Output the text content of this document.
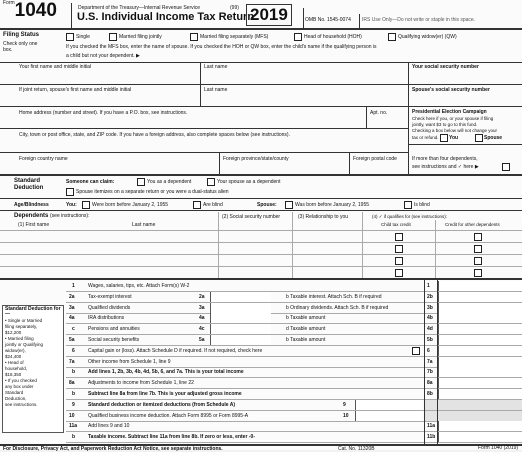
$^{Form}$1040	Department of the Treasury—Internal Revenue Service	(99)
U.S. Individual Income Tax Return
2019	OMB No. 1545-0074 IRS Use Only—Do not write or staple in this space.
Filing Status
Check only one box.
Single	Married filing jointly	Married filing separately (MFS)	Head of household (HOH)	Qualifying widow(er) (QW)
If you checked the MFS box, enter the name of spouse. If you checked the HOH or QW box, enter the child's name if the qualifying person is
a child but not your dependent. ▶
Your first name and middle initial	Last name	Your social security number
If joint return, spouse's first name and middle initial	Last name	Spouse's social security number
Home address (number and street). If you have a P.O. box, see instructions.	Apt. no.
City, town or post office, state, and ZIP code. If you have a foreign address, also complete spaces below (see instructions).
Foreign country name	Foreign province/state/county	Foreign postal code
Presidential Election Campaign
Check here if you, or your spouse if filing
jointly, want $3 to go to this fund.
Checking a box below will not change your
tax or refund. You	Spouse
If more than four dependents,
see instructions and ✓ here ▶
Standard
Deduction
Someone can claim:	You as a dependent	Your spouse as a dependent
Spouse itemizes on a separate return or you were a dual-status alien
Age/Blindness	You:	Were born before January 2, 1955	Are blind	Spouse:	Was born before January 2, 1955	Is blind
Dependents (see instructions):
(1) First name	Last name
(2) Social security number	(3) Relationship to you	(4) ✓ if qualifies for (see instructions):
Child tax credit	Credit for other dependents
Standard Deduction for—
• Single or Married
filing separately,
$12,200
• Married filing
jointly or Qualifying
widow(er),
$24,400
• Head of
household,
$18,350
• If you checked
any box under
Standard
Deduction,
see instructions.
1	Wages, salaries, tips, etc. Attach Form(s) W-2	1
2a	Tax-exempt interest	2a	b Taxable interest. Attach Sch. B if required	2b
3a	Qualified dividends	3a	b Ordinary dividends. Attach Sch. B if required	3b
4a	IRA distributions	4a	b Taxable amount	4b
c	Pensions and annuities	4c	d Taxable amount	4d
5a	Social security benefits	5a	b Taxable amount	5b
6	Capital gain or (loss). Attach Schedule D if required. If not required, check here	6
7a	Other income from Schedule 1, line 9	7a
b	Add lines 1, 2b, 3b, 4b, 4d, 5b, 6, and 7a. This is your total income	7b
8a	Adjustments to income from Schedule 1, line 22	8a
b	Subtract line 8a from line 7b. This is your adjusted gross income	8b
9	Standard deduction or itemized deductions (from Schedule A)	9
10	Qualified business income deduction. Attach Form 8995 or Form 8995-A	10
11a Add lines 9 and 10	11a
b	Taxable income. Subtract line 11a from line 8b. If zero or less, enter -0-	11b
For Disclosure, Privacy Act, and Paperwork Reduction Act Notice, see separate instructions.	Cat. No. 11320B	Form 1040 (2019)
